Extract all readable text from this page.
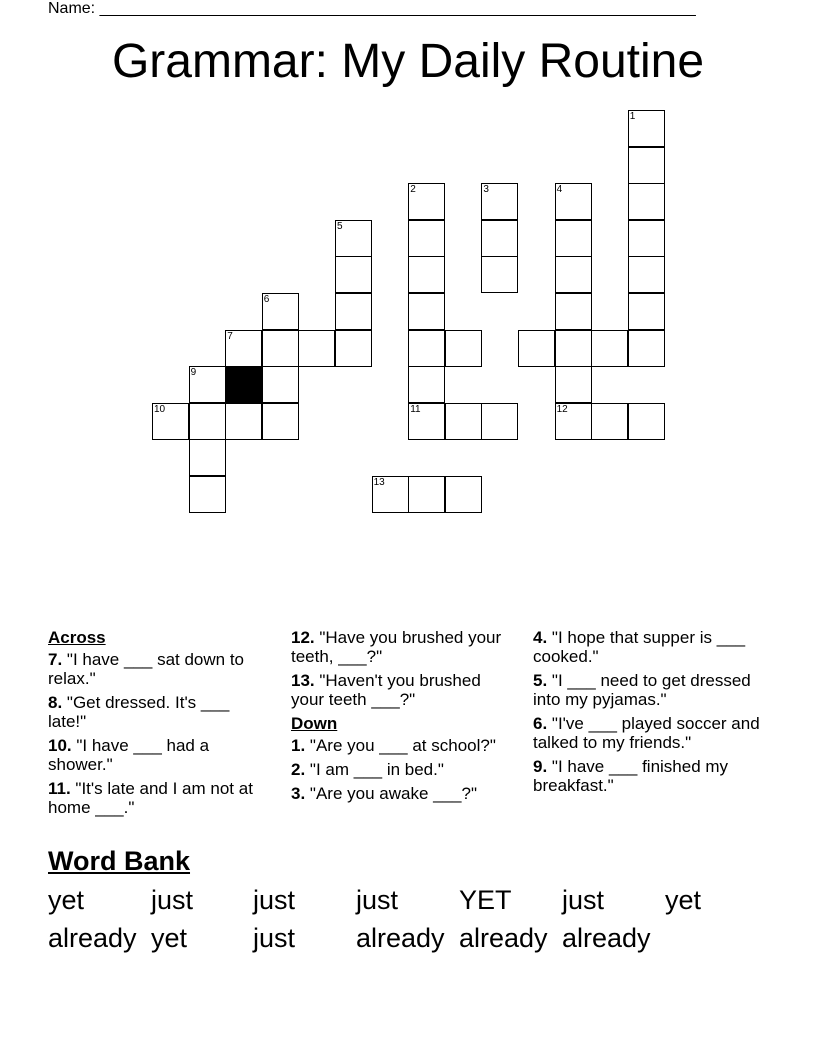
Name: ___________________________________________________________________
Grammar: My Daily Routine
1
2
11
3	4
12
5
6
7
9
10
13
Across
7. "I have ___ sat down to relax."
8. "Get dressed. It's ___ late!"
10. "I have ___ had a shower."
11. "It's late and I am not at home ___."
12. "Have you brushed your teeth, ___?"
13. "Haven't you brushed your teeth ___?"
Down
1. "Are you ___ at school?"
2. "I am ___ in bed."
3. "Are you awake ___?"
4. "I hope that supper is ___ cooked."
5. "I ___ need to get dressed into my pyjamas."
6. "I've ___ played soccer and talked to my friends."
9. "I have ___ finished my breakfast."
Word Bank
yet just just just YET just yet
already yet just already already already
